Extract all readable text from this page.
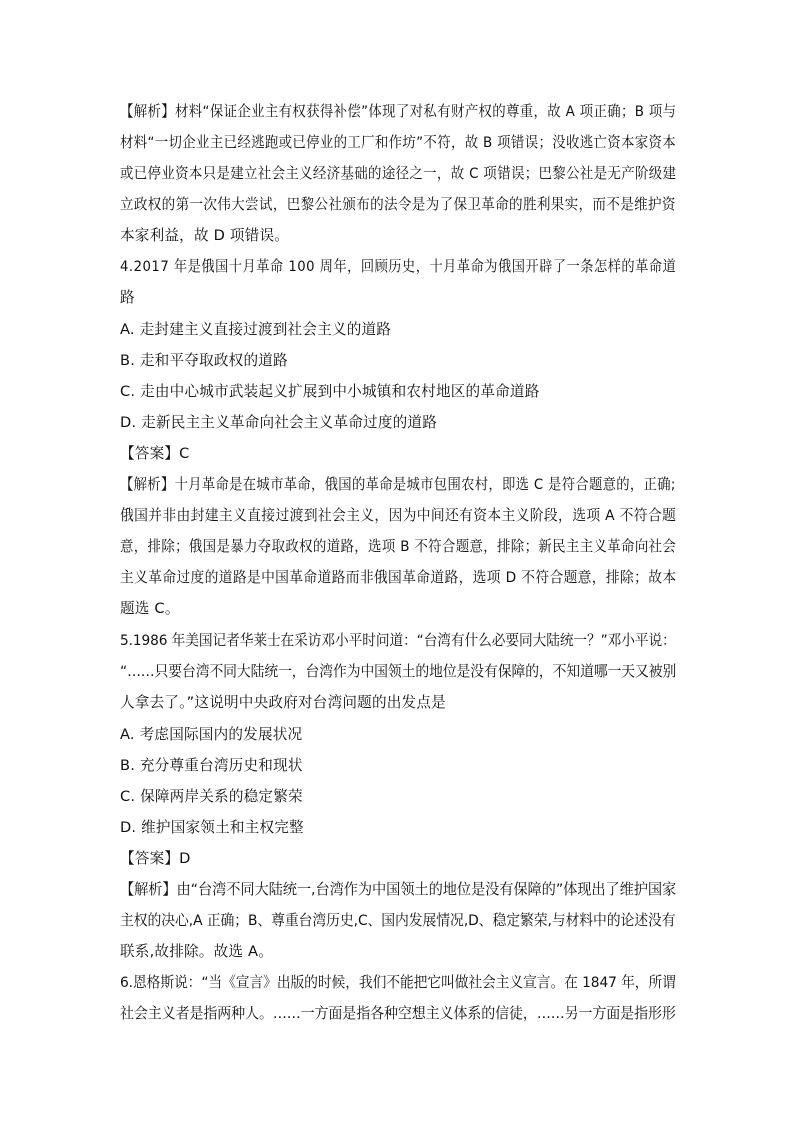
【解析】材料“保证企业主有权获得补偿”体现了对私有财产权的尊重，故 A 项正确；B 项与
材料“一切企业主已经逃跑或已停业的工厂和作坊”不符，故 B 项错误；没收逃亡资本家资本
或已停业资本只是建立社会主义经济基础的途径之一，故 C 项错误；巴黎公社是无产阶级建
立政权的第一次伟大尝试，巴黎公社颁布的法令是为了保卫革命的胜利果实，而不是维护资
本家利益，故 D 项错误。
4.2017 年是俄国十月革命 100 周年，回顾历史，十月革命为俄国开辟了一条怎样的革命道
路
A. 走封建主义直接过渡到社会主义的道路
B. 走和平夺取政权的道路
C. 走由中心城市武装起义扩展到中小城镇和农村地区的革命道路
D. 走新民主主义革命向社会主义革命过度的道路
【答案】C
【解析】十月革命是在城市革命，俄国的革命是城市包围农村，即选 C 是符合题意的，正确;
俄国并非由封建主义直接过渡到社会主义，因为中间还有资本主义阶段，选项 A 不符合题
意，排除；俄国是暴力夺取政权的道路，选项 B 不符合题意，排除；新民主主义革命向社会
主义革命过度的道路是中国革命道路而非俄国革命道路，选项 D 不符合题意，排除；故本
题选 C。
5.1986 年美国记者华莱士在采访邓小平时问道：“台湾有什么必要同大陆统一？”邓小平说：
“……只要台湾不同大陆统一，台湾作为中国领土的地位是没有保障的，不知道哪一天又被别
人拿去了。”这说明中央政府对台湾问题的出发点是
A. 考虑国际国内的发展状况
B. 充分尊重台湾历史和现状
C. 保障两岸关系的稳定繁荣
D. 维护国家领土和主权完整
【答案】D
【解析】由“台湾不同大陆统一,台湾作为中国领土的地位是没有保障的”体现出了维护国家
主权的决心,A 正确；B、尊重台湾历史,C、国内发展情况,D、稳定繁荣,与材料中的论述没有
联系,故排除。故选 A。
6.恩格斯说：“当《宣言》出版的时候，我们不能把它叫做社会主义宣言。在 1847 年，所谓
社会主义者是指两种人。……一方面是指各种空想主义体系的信徒，……另一方面是指形形
